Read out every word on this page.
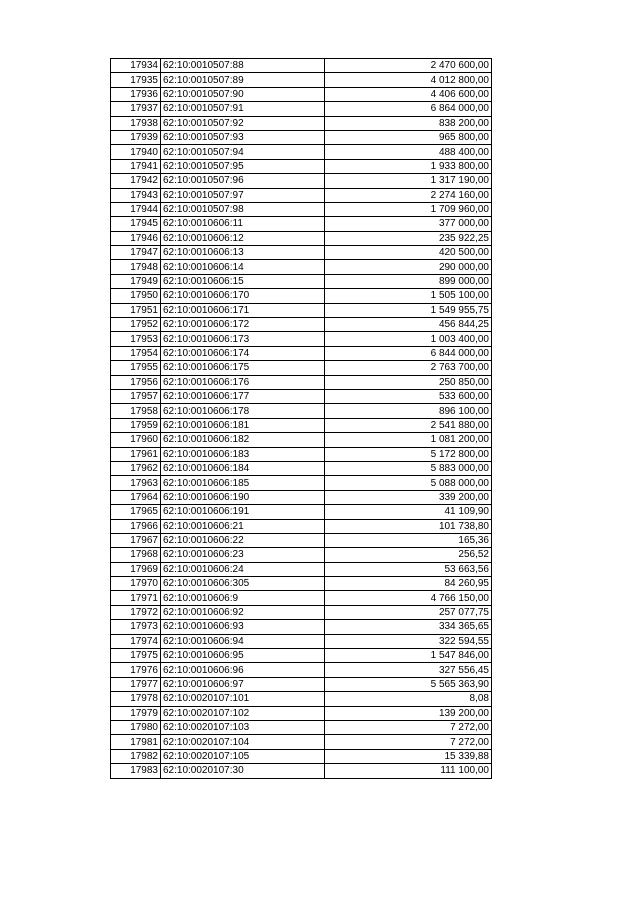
17934	62:10:0010507:88	2 470 600,00
17935	62:10:0010507:89	4 012 800,00
17936	62:10:0010507:90	4 406 600,00
17937	62:10:0010507:91	6 864 000,00
17938	62:10:0010507:92	838 200,00
17939	62:10:0010507:93	965 800,00
17940	62:10:0010507:94	488 400,00
17941	62:10:0010507:95	1 933 800,00
17942	62:10:0010507:96	1 317 190,00
17943	62:10:0010507:97	2 274 160,00
17944	62:10:0010507:98	1 709 960,00
17945	62:10:0010606:11	377 000,00
17946	62:10:0010606:12	235 922,25
17947	62:10:0010606:13	420 500,00
17948	62:10:0010606:14	290 000,00
17949	62:10:0010606:15	899 000,00
17950	62:10:0010606:170	1 505 100,00
17951	62:10:0010606:171	1 549 955,75
17952	62:10:0010606:172	456 844,25
17953	62:10:0010606:173	1 003 400,00
17954	62:10:0010606:174	6 844 000,00
17955	62:10:0010606:175	2 763 700,00
17956	62:10:0010606:176	250 850,00
17957	62:10:0010606:177	533 600,00
17958	62:10:0010606:178	896 100,00
17959	62:10:0010606:181	2 541 880,00
17960	62:10:0010606:182	1 081 200,00
17961	62:10:0010606:183	5 172 800,00
17962	62:10:0010606:184	5 883 000,00
17963	62:10:0010606:185	5 088 000,00
17964	62:10:0010606:190	339 200,00
17965	62:10:0010606:191	41 109,90
17966	62:10:0010606:21	101 738,80
17967	62:10:0010606:22	165,36
17968	62:10:0010606:23	256,52
17969	62:10:0010606:24	53 663,56
17970	62:10:0010606:305	84 260,95
17971	62:10:0010606:9	4 766 150,00
17972	62:10:0010606:92	257 077,75
17973	62:10:0010606:93	334 365,65
17974	62:10:0010606:94	322 594,55
17975	62:10:0010606:95	1 547 846,00
17976	62:10:0010606:96	327 556,45
17977	62:10:0010606:97	5 565 363,90
17978	62:10:0020107:101	8,08
17979	62:10:0020107:102	139 200,00
17980	62:10:0020107:103	7 272,00
17981	62:10:0020107:104	7 272,00
17982	62:10:0020107:105	15 339,88
17983	62:10:0020107:30	111 100,00
